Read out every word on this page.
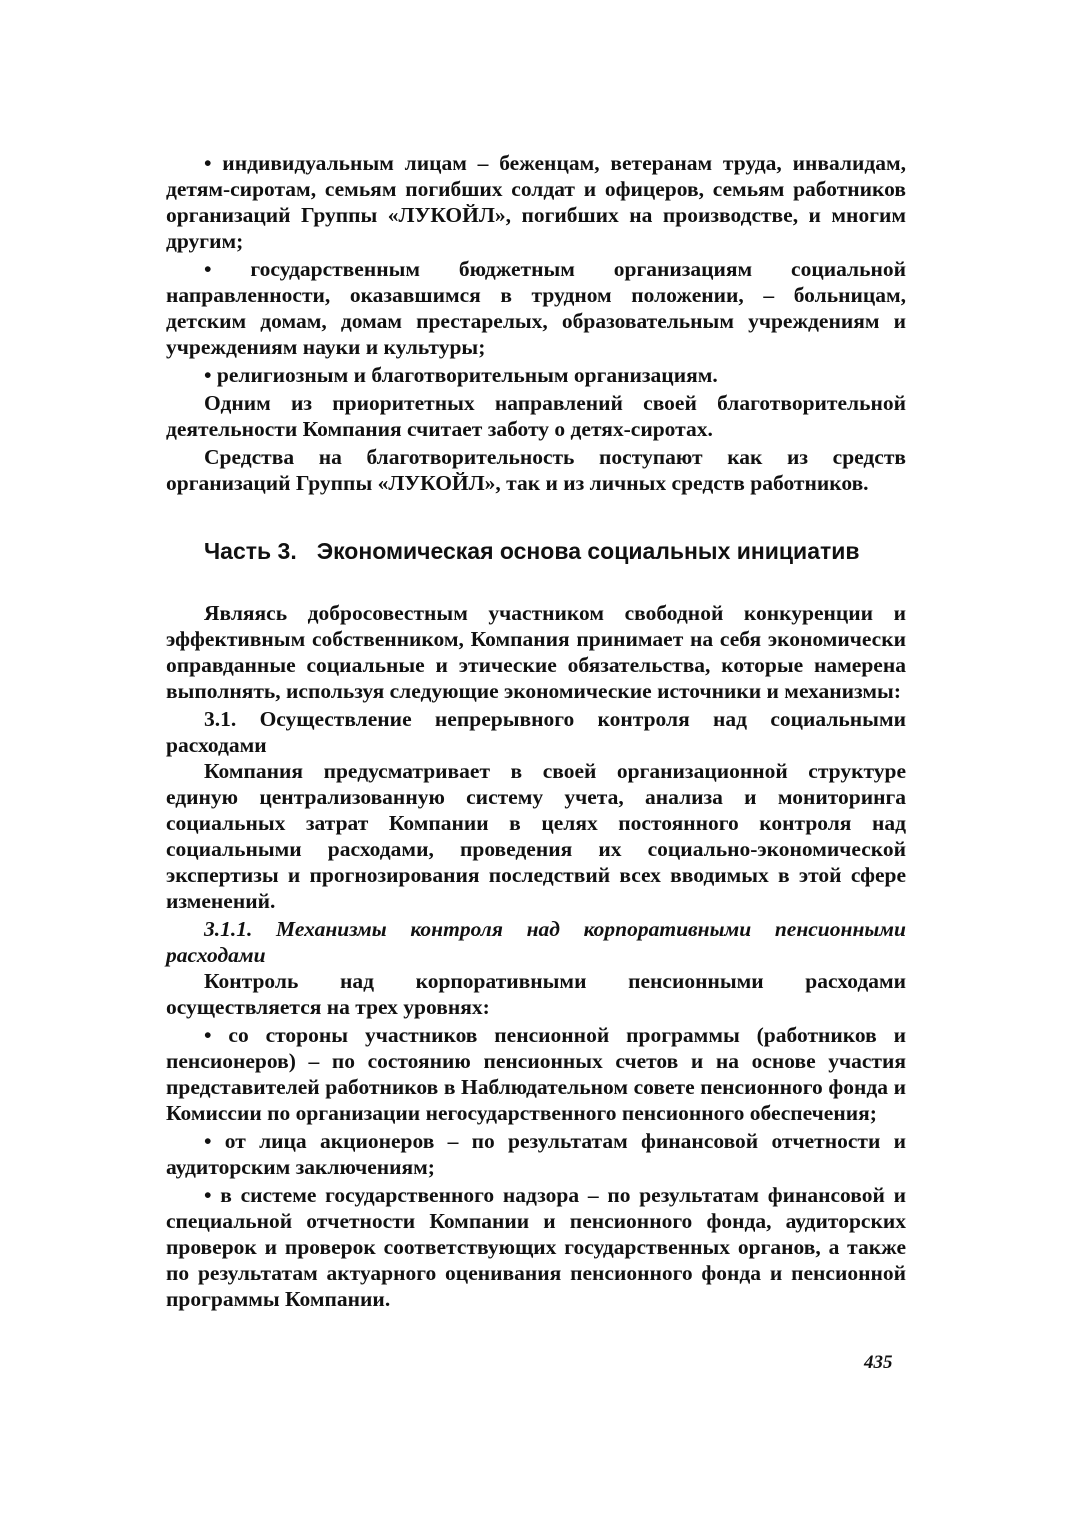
• индивидуальным лицам – беженцам, ветеранам труда, инвалидам, детям-сиротам, семьям погибших солдат и офицеров, семьям работников организаций Группы «ЛУКОЙЛ», погибших на производстве, и многим другим;

• государственным бюджетным организациям социальной направленности, оказавшимся в трудном положении, – больницам, детским домам, домам престарелых, образовательным учреждениям и учреждениям науки и культуры;

• религиозным и благотворительным организациям.

Одним из приоритетных направлений своей благотворительной деятельности Компания считает заботу о детях-сиротах.

Средства на благотворительность поступают как из средств организаций Группы «ЛУКОЙЛ», так и из личных средств работников.

Часть 3. Экономическая основа социальных инициатив

Являясь добросовестным участником свободной конкуренции и эффективным собственником, Компания принимает на себя экономически оправданные социальные и этические обязательства, которые намерена выполнять, используя следующие экономические источники и механизмы:

3.1. Осуществление непрерывного контроля над социальными расходами

Компания предусматривает в своей организационной структуре единую централизованную систему учета, анализа и мониторинга социальных затрат Компании в целях постоянного контроля над социальными расходами, проведения их социально-экономической экспертизы и прогнозирования последствий всех вводимых в этой сфере изменений.

3.1.1. Механизмы контроля над корпоративными пенсионными расходами

Контроль над корпоративными пенсионными расходами осуществляется на трех уровнях:

• со стороны участников пенсионной программы (работников и пенсионеров) – по состоянию пенсионных счетов и на основе участия представителей работников в Наблюдательном совете пенсионного фонда и Комиссии по организации негосударственного пенсионного обеспечения;

• от лица акционеров – по результатам финансовой отчетности и аудиторским заключениям;

• в системе государственного надзора – по результатам финансовой и специальной отчетности Компании и пенсионного фонда, аудиторских проверок и проверок соответствующих государственных органов, а также по результатам актуарного оценивания пенсионного фонда и пенсионной программы Компании.

435
